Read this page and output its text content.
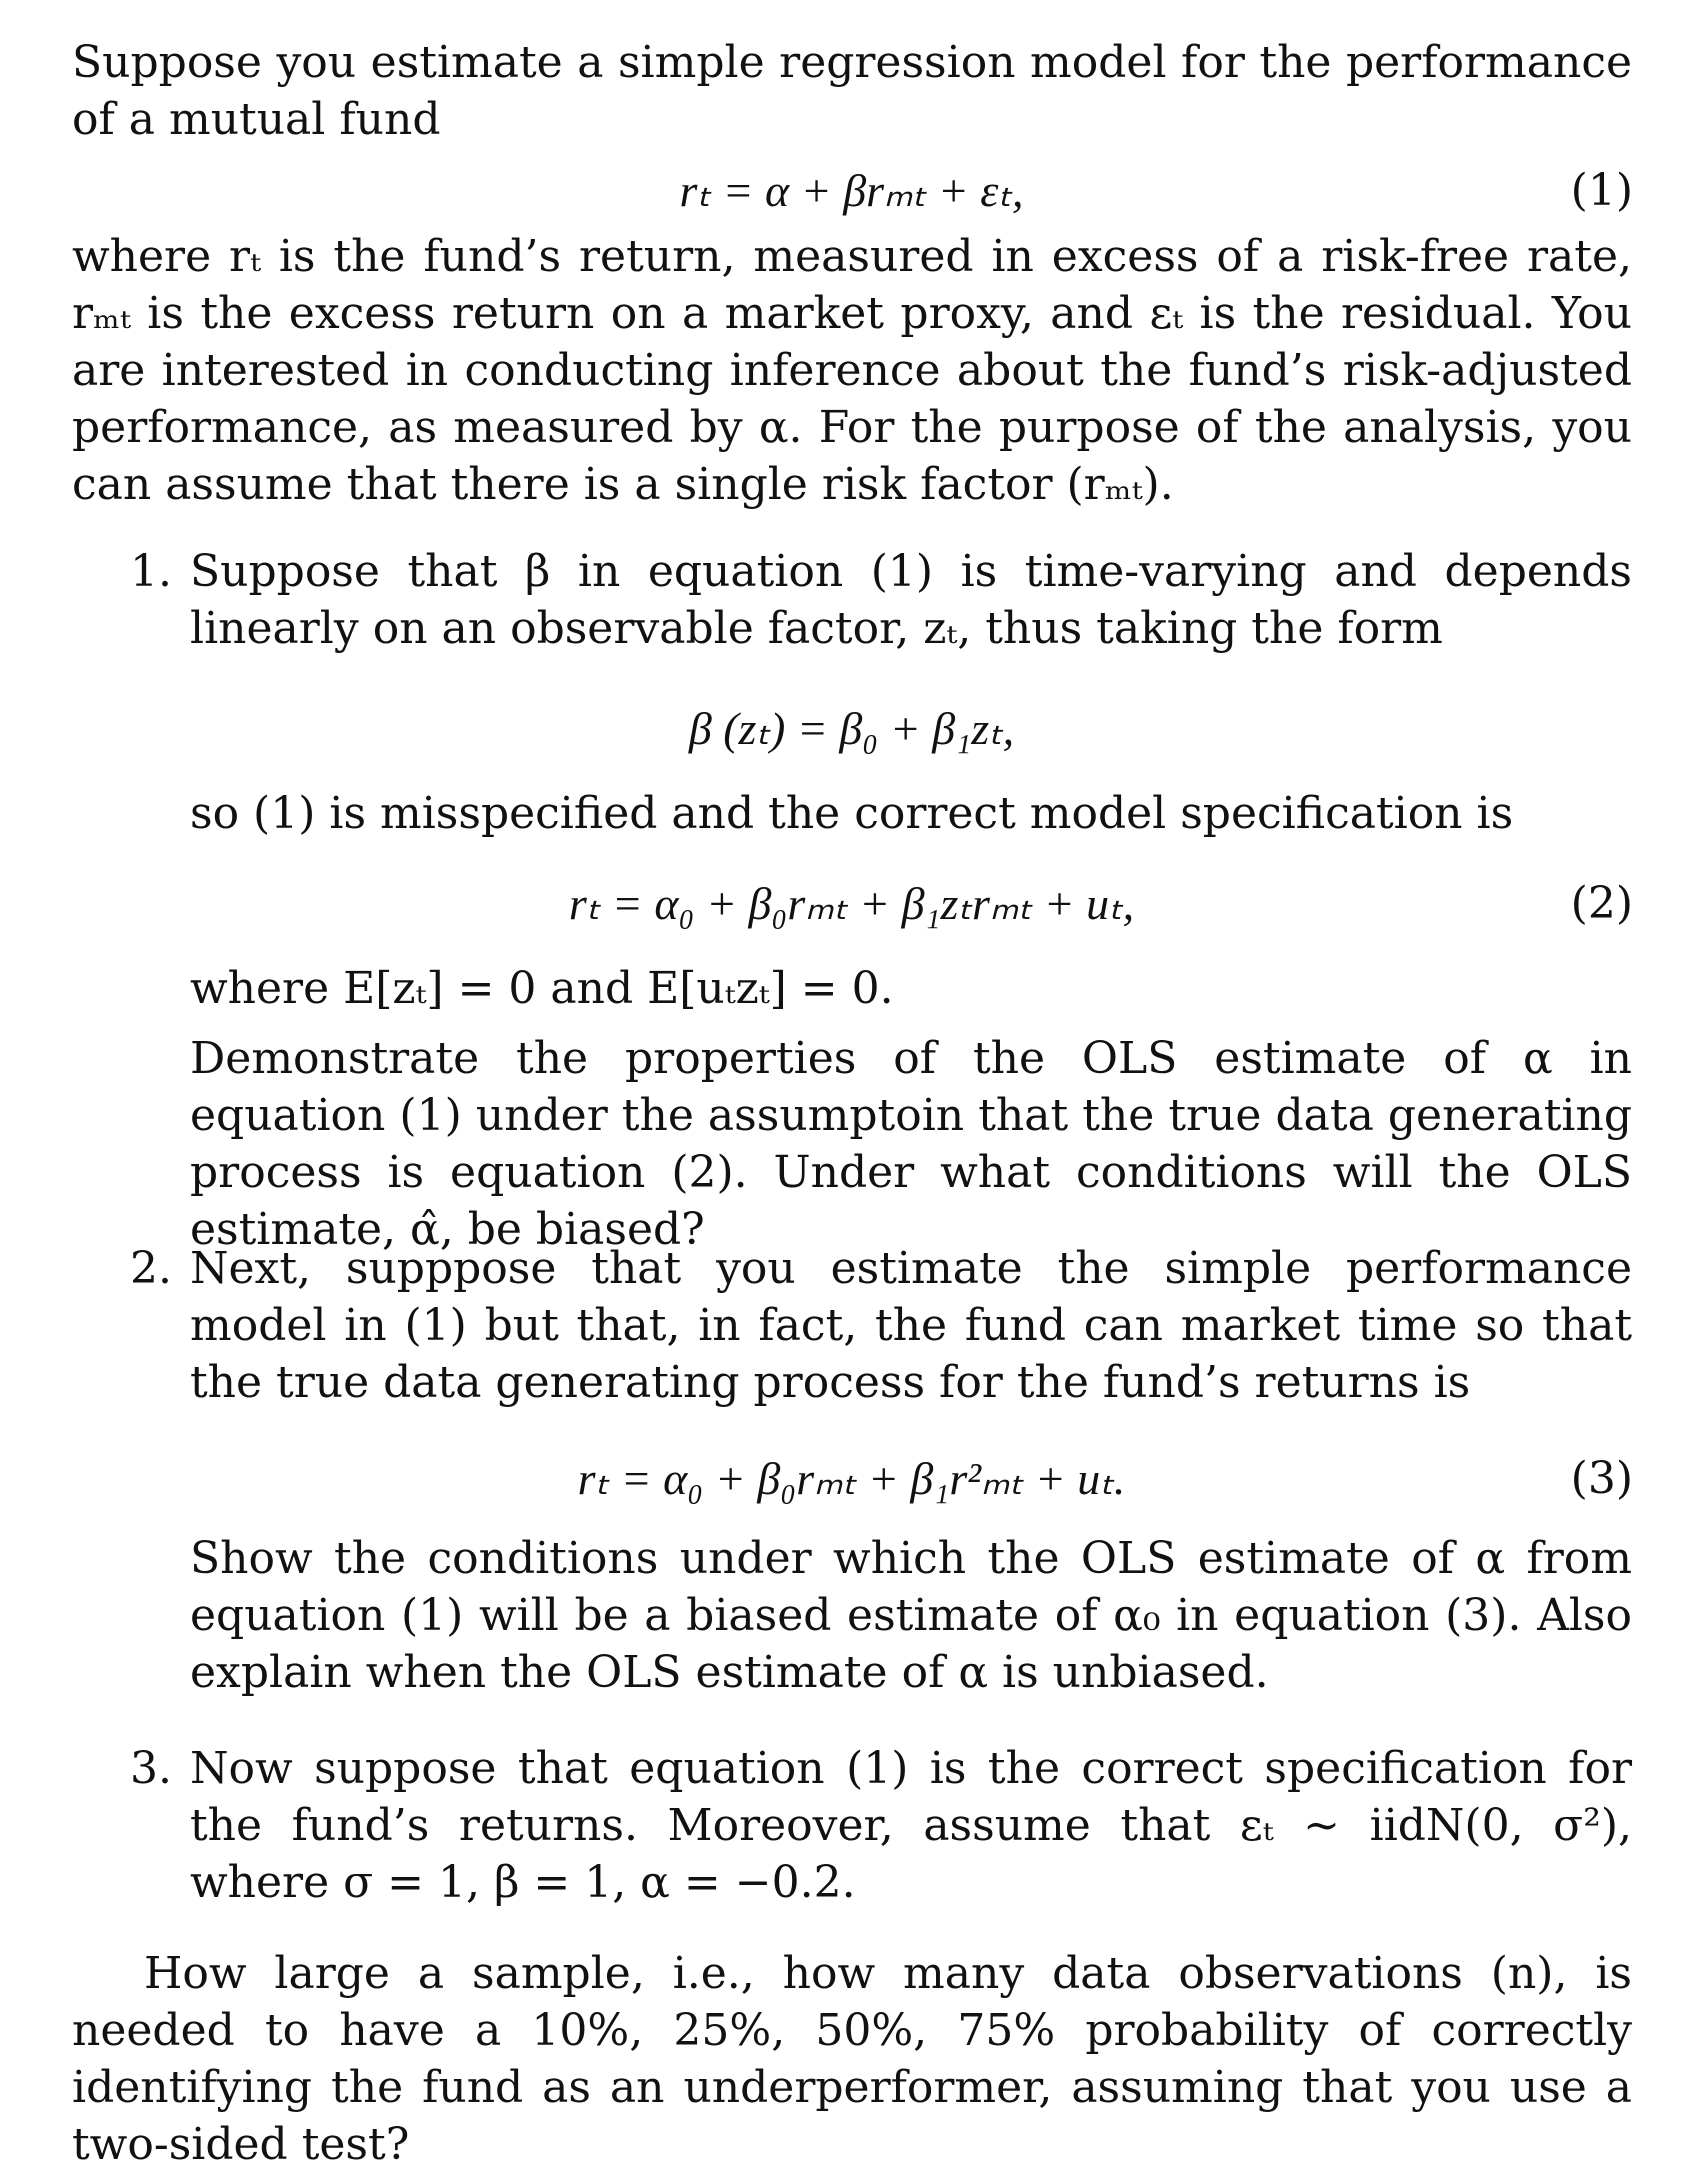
Suppose you estimate a simple regression model for the performance of a mutual fund

rₜ = α + βrₘₜ + εₜ,	(1)

where rₜ is the fund’s return, measured in excess of a risk-free rate, rₘₜ is the excess return on a market proxy, and εₜ is the residual. You are interested in conducting inference about the fund’s risk-adjusted performance, as measured by α. For the purpose of the analysis, you can assume that there is a single risk factor (rₘₜ).

1. Suppose that β in equation (1) is time-varying and depends linearly on an observable factor, zₜ, thus taking the form

β (zₜ) = β₀ + β₁zₜ,

so (1) is misspecified and the correct model specification is

rₜ = α₀ + β₀rₘₜ + β₁zₜrₘₜ + uₜ,	(2)

where E[zₜ] = 0 and E[uₜzₜ] = 0.

Demonstrate the properties of the OLS estimate of α in equation (1) under the assumptoin that the true data generating process is equation (2). Under what conditions will the OLS estimate, α̂, be biased?

2. Next, supppose that you estimate the simple performance model in (1) but that, in fact, the fund can market time so that the true data generating process for the fund’s returns is

rₜ = α₀ + β₀rₘₜ + β₁r²ₘₜ + uₜ.	(3)

Show the conditions under which the OLS estimate of α from equation (1) will be a biased estimate of α₀ in equation (3). Also explain when the OLS estimate of α is unbiased.

3. Now suppose that equation (1) is the correct specification for the fund’s returns. Moreover, assume that εₜ ~ iidN(0, σ²), where σ = 1, β = 1, α = −0.2.

How large a sample, i.e., how many data observations (n), is needed to have a 10%, 25%, 50%, 75% probability of correctly identifying the fund as an underperformer, assuming that you use a two-sided test?
